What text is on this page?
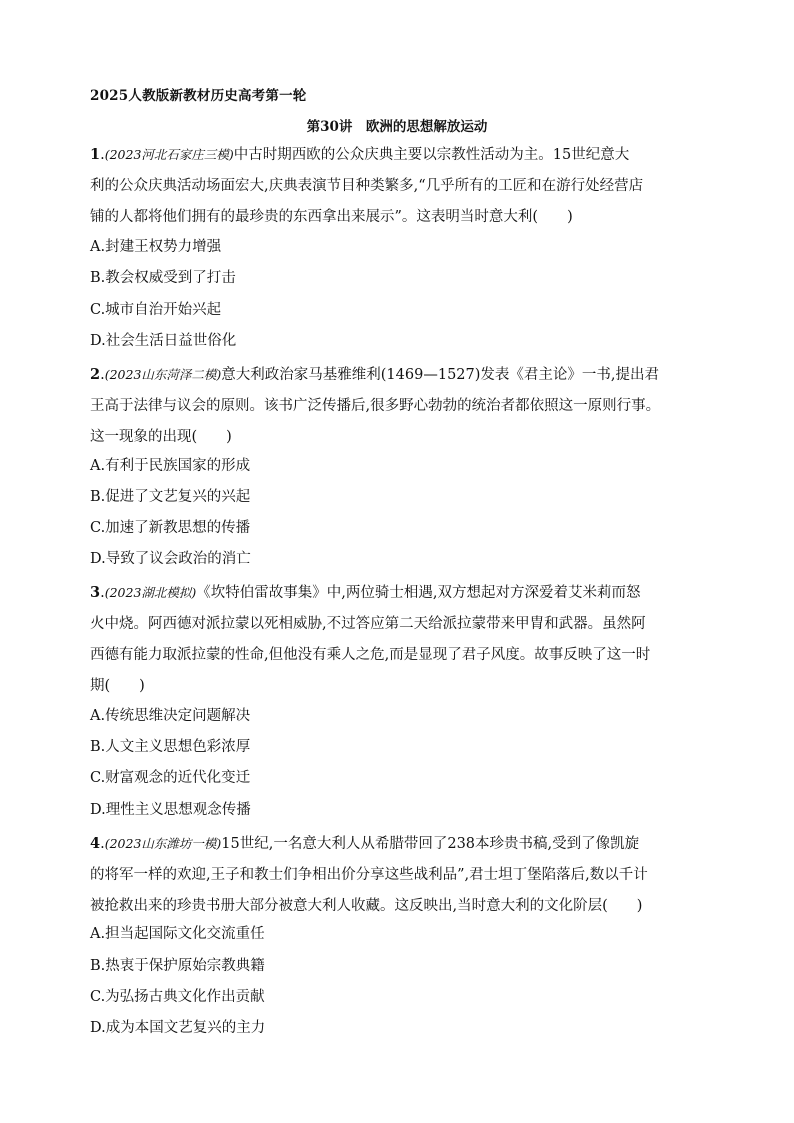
2025人教版新教材历史高考第一轮
第30讲　欧洲的思想解放运动

1.(2023河北石家庄三模)中古时期西欧的公众庆典主要以宗教性活动为主。15世纪意大

利的公众庆典活动场面宏大,庆典表演节目种类繁多,“几乎所有的工匠和在游行处经营店

铺的人都将他们拥有的最珍贵的东西拿出来展示”。这表明当时意大利(　　)

A.封建王权势力增强
B.教会权威受到了打击
C.城市自治开始兴起
D.社会生活日益世俗化

2.(2023山东菏泽二模)意大利政治家马基雅维利(1469—1527)发表《君主论》一书,提出君

王高于法律与议会的原则。该书广泛传播后,很多野心勃勃的统治者都依照这一原则行事。

这一现象的出现(　　)

A.有利于民族国家的形成
B.促进了文艺复兴的兴起
C.加速了新教思想的传播
D.导致了议会政治的消亡

3.(2023湖北模拟)《坎特伯雷故事集》中,两位骑士相遇,双方想起对方深爱着艾米莉而怒

火中烧。阿西德对派拉蒙以死相威胁,不过答应第二天给派拉蒙带来甲胄和武器。虽然阿

西德有能力取派拉蒙的性命,但他没有乘人之危,而是显现了君子风度。故事反映了这一时

期(　　)

A.传统思维决定问题解决
B.人文主义思想色彩浓厚
C.财富观念的近代化变迁
D.理性主义思想观念传播

4.(2023山东潍坊一模)15世纪,一名意大利人从希腊带回了238本珍贵书稿,受到了像凯旋

的将军一样的欢迎,王子和教士们争相出价分享这些战利品”,君士坦丁堡陷落后,数以千计

被抢救出来的珍贵书册大部分被意大利人收藏。这反映出,当时意大利的文化阶层(　　)

A.担当起国际文化交流重任
B.热衷于保护原始宗教典籍
C.为弘扬古典文化作出贡献
D.成为本国文艺复兴的主力
